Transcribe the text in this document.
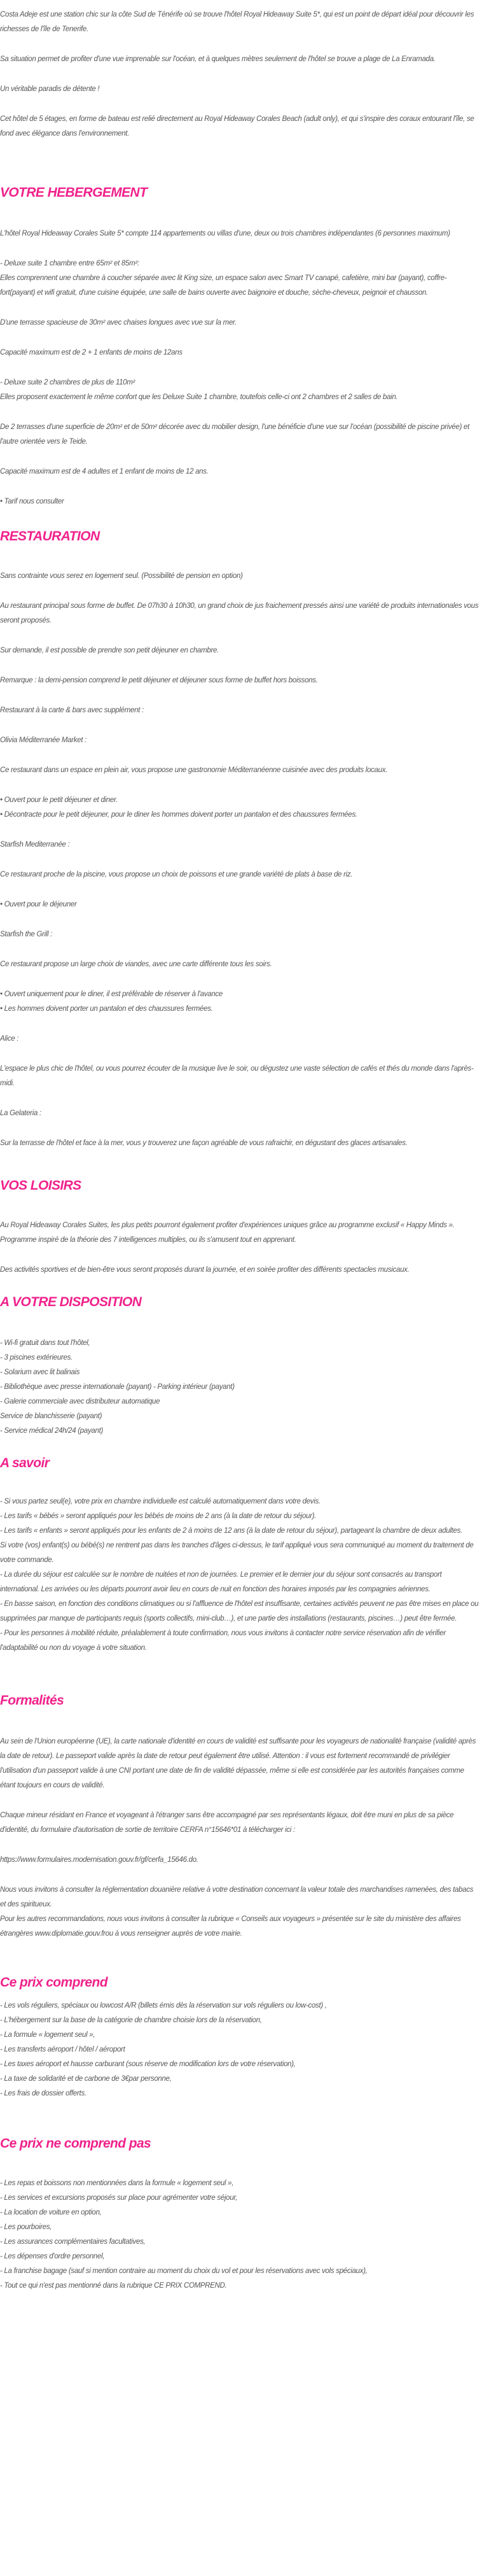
Costa Adeje est une station chic sur la côte Sud de Ténérife où se trouve l'hôtel Royal Hideaway Suite 5*, qui est un point de départ idéal pour découvrir les richesses de l'île de Tenerife.

Sa situation permet de profiter d'une vue imprenable sur l'océan, et à quelques mètres seulement de l'hôtel se trouve a plage de La Enramada.

Un véritable paradis de détente !

Cet hôtel de 5 étages, en forme de bateau est relié directement au Royal Hideaway Corales Beach (adult only), et qui s'inspire des coraux entourant l'île, se fond avec élégance dans l'environnement.

VOTRE HEBERGEMENT

L'hôtel Royal Hideaway Corales Suite 5* compte 114 appartements ou villas d'une, deux ou trois chambres indépendantes (6 personnes maximum)

- Deluxe suite 1 chambre entre 65m² et 85m²:

Elles comprennent une chambre à coucher séparée avec lit King size, un espace salon avec Smart TV canapé, cafetière, mini bar (payant), coffre-fort(payant) et wifi gratuit, d'une cuisine équipée, une salle de bains ouverte avec baignoire et douche, sèche-cheveux, peignoir et chausson.

D'une terrasse spacieuse de 30m² avec chaises longues avec vue sur la mer.

Capacité maximum est de 2 + 1 enfants de moins de 12ans

- Deluxe suite 2 chambres de plus de 110m²

Elles proposent exactement le même confort que les Deluxe Suite 1 chambre, toutefois celle-ci ont 2 chambres et 2 salles de bain.

De 2 terrasses d'une superficie de 20m² et de 50m² décorée avec du mobilier design, l'une bénéficie d'une vue sur l'océan (possibilité de piscine privée) et l'autre orientée vers le Teide.

Capacité maximum est de 4 adultes et 1 enfant de moins de 12 ans.

• Tarif nous consulter
RESTAURATION

Sans contrainte vous serez en logement seul. (Possibilité de pension en option)

Au restaurant principal sous forme de buffet. De 07h30 à 10h30, un grand choix de jus fraichement pressés ainsi une variété de produits internationales vous seront proposés.

Sur demande, il est possible de prendre son petit déjeuner en chambre.

Remarque : la demi-pension comprend le petit déjeuner et déjeuner sous forme de buffet hors boissons.

Restaurant à la carte & bars avec supplément :

Olivia Méditerranée Market :

Ce restaurant dans un espace en plein air, vous propose une gastronomie Méditerranéenne cuisinée avec des produits locaux.

• Ouvert pour le petit déjeuner et diner.
• Décontracte pour le petit déjeuner, pour le diner les hommes doivent porter un pantalon et des chaussures fermées.

Starfish Mediterranée :

Ce restaurant proche de la piscine, vous propose un choix de poissons et une grande variété de plats à base de riz.

• Ouvert pour le déjeuner

Starfish the Grill :

Ce restaurant propose un large choix de viandes, avec une carte différente tous les soirs.

• Ouvert uniquement pour le diner, il est préférable de réserver à l'avance
• Les hommes doivent porter un pantalon et des chaussures fermées.

Alice :

L'espace le plus chic de l'hôtel, ou vous pourrez écouter de la musique live le soir, ou dégustez une vaste sélection de cafés et thés du monde dans l'après-midi.

La Gelateria :

Sur la terrasse de l'hôtel et face à la mer, vous y trouverez une façon agréable de vous rafraichir, en dégustant des glaces artisanales.

VOS LOISIRS

Au Royal Hideaway Corales Suites, les plus petits pourront également profiter d'expériences uniques grâce au programme exclusif « Happy Minds ». Programme inspiré de la théorie des 7 intelligences multiples, ou ils s'amusent tout en apprenant.

Des activités sportives et de bien-être vous seront proposés durant la journée, et en soirée profiter des différents spectacles musicaux.

A VOTRE DISPOSITION
- Wi-fi gratuit dans tout l'hôtel,
- 3 piscines extérieures.
- Solarium avec lit balinais
- Bibliothèque avec presse internationale (payant) - Parking intérieur (payant)
- Galerie commerciale avec distributeur automatique
Service de blanchisserie (payant)
- Service médical 24h/24 (payant)
A savoir
- Si vous partez seul(e), votre prix en chambre individuelle est calculé automatiquement dans votre devis.
- Les tarifs « bébés » seront appliqués pour les bébés de moins de 2 ans (à la date de retour du séjour).
- Les tarifs « enfants » seront appliqués pour les enfants de 2 à moins de 12 ans (à la date de retour du séjour), partageant la chambre de deux adultes.
Si votre (vos) enfant(s) ou bébé(s) ne rentrent pas dans les tranches d'âges ci-dessus, le tarif appliqué vous sera communiqué au moment du traitement de votre commande.
- La durée du séjour est calculée sur le nombre de nuitées et non de journées. Le premier et le dernier jour du séjour sont consacrés au transport international. Les arrivées ou les départs pourront avoir lieu en cours de nuit en fonction des horaires imposés par les compagnies aériennes.
- En basse saison, en fonction des conditions climatiques ou si l'affluence de l'hôtel est insuffisante, certaines activités peuvent ne pas être mises en place ou supprimées par manque de participants requis (sports collectifs, mini-club…), et une partie des installations (restaurants, piscines…) peut être fermée.
- Pour les personnes à mobilité réduite, préalablement à toute confirmation, nous vous invitons à contacter notre service réservation afin de vérifier l'adaptabilité ou non du voyage à votre situation.
Formalités

Au sein de l'Union européenne (UE), la carte nationale d'identité en cours de validité est suffisante pour les voyageurs de nationalité française (validité après la date de retour). Le passeport valide après la date de retour peut également être utilisé. Attention : il vous est fortement recommandé de privilégier l'utilisation d'un passeport valide à une CNI portant une date de fin de validité dépassée, même si elle est considérée par les autorités françaises comme étant toujours en cours de validité.

Chaque mineur résidant en France et voyageant à l'étranger sans être accompagné par ses représentants légaux, doit être muni en plus de sa pièce d'identité, du formulaire d'autorisation de sortie de territoire CERFA n°15646*01 à télécharger ici :

https://www.formulaires.modernisation.gouv.fr/gf/cerfa_15646.do.

Nous vous invitons à consulter la réglementation douanière relative à votre destination concernant la valeur totale des marchandises ramenées, des tabacs et des spiritueux.

Pour les autres recommandations, nous vous invitons à consulter la rubrique « Conseils aux voyageurs » présentée sur le site du ministère des affaires étrangères www.diplomatie.gouv.frou à vous renseigner auprès de votre mairie.

Ce prix comprend
- Les vols réguliers, spéciaux ou lowcost A/R (billets émis dès la réservation sur vols réguliers ou low-cost) ,
- L'hébergement sur la base de la catégorie de chambre choisie lors de la réservation,
- La formule « logement seul »,
- Les transferts aéroport / hôtel / aéroport
- Les taxes aéroport et hausse carburant (sous réserve de modification lors de votre réservation),
- La taxe de solidarité et de carbone de 3€par personne,
- Les frais de dossier offerts.
Ce prix ne comprend pas
- Les repas et boissons non mentionnées dans la formule « logement seul »,
- Les services et excursions proposés sur place pour agrémenter votre séjour,
- La location de voiture en option,
- Les pourboires,
- Les assurances complémentaires facultatives,
- Les dépenses d'ordre personnel,
- La franchise bagage (sauf si mention contraire au moment du choix du vol et pour les réservations avec vols spéciaux),
- Tout ce qui n'est pas mentionné dans la rubrique CE PRIX COMPREND.
